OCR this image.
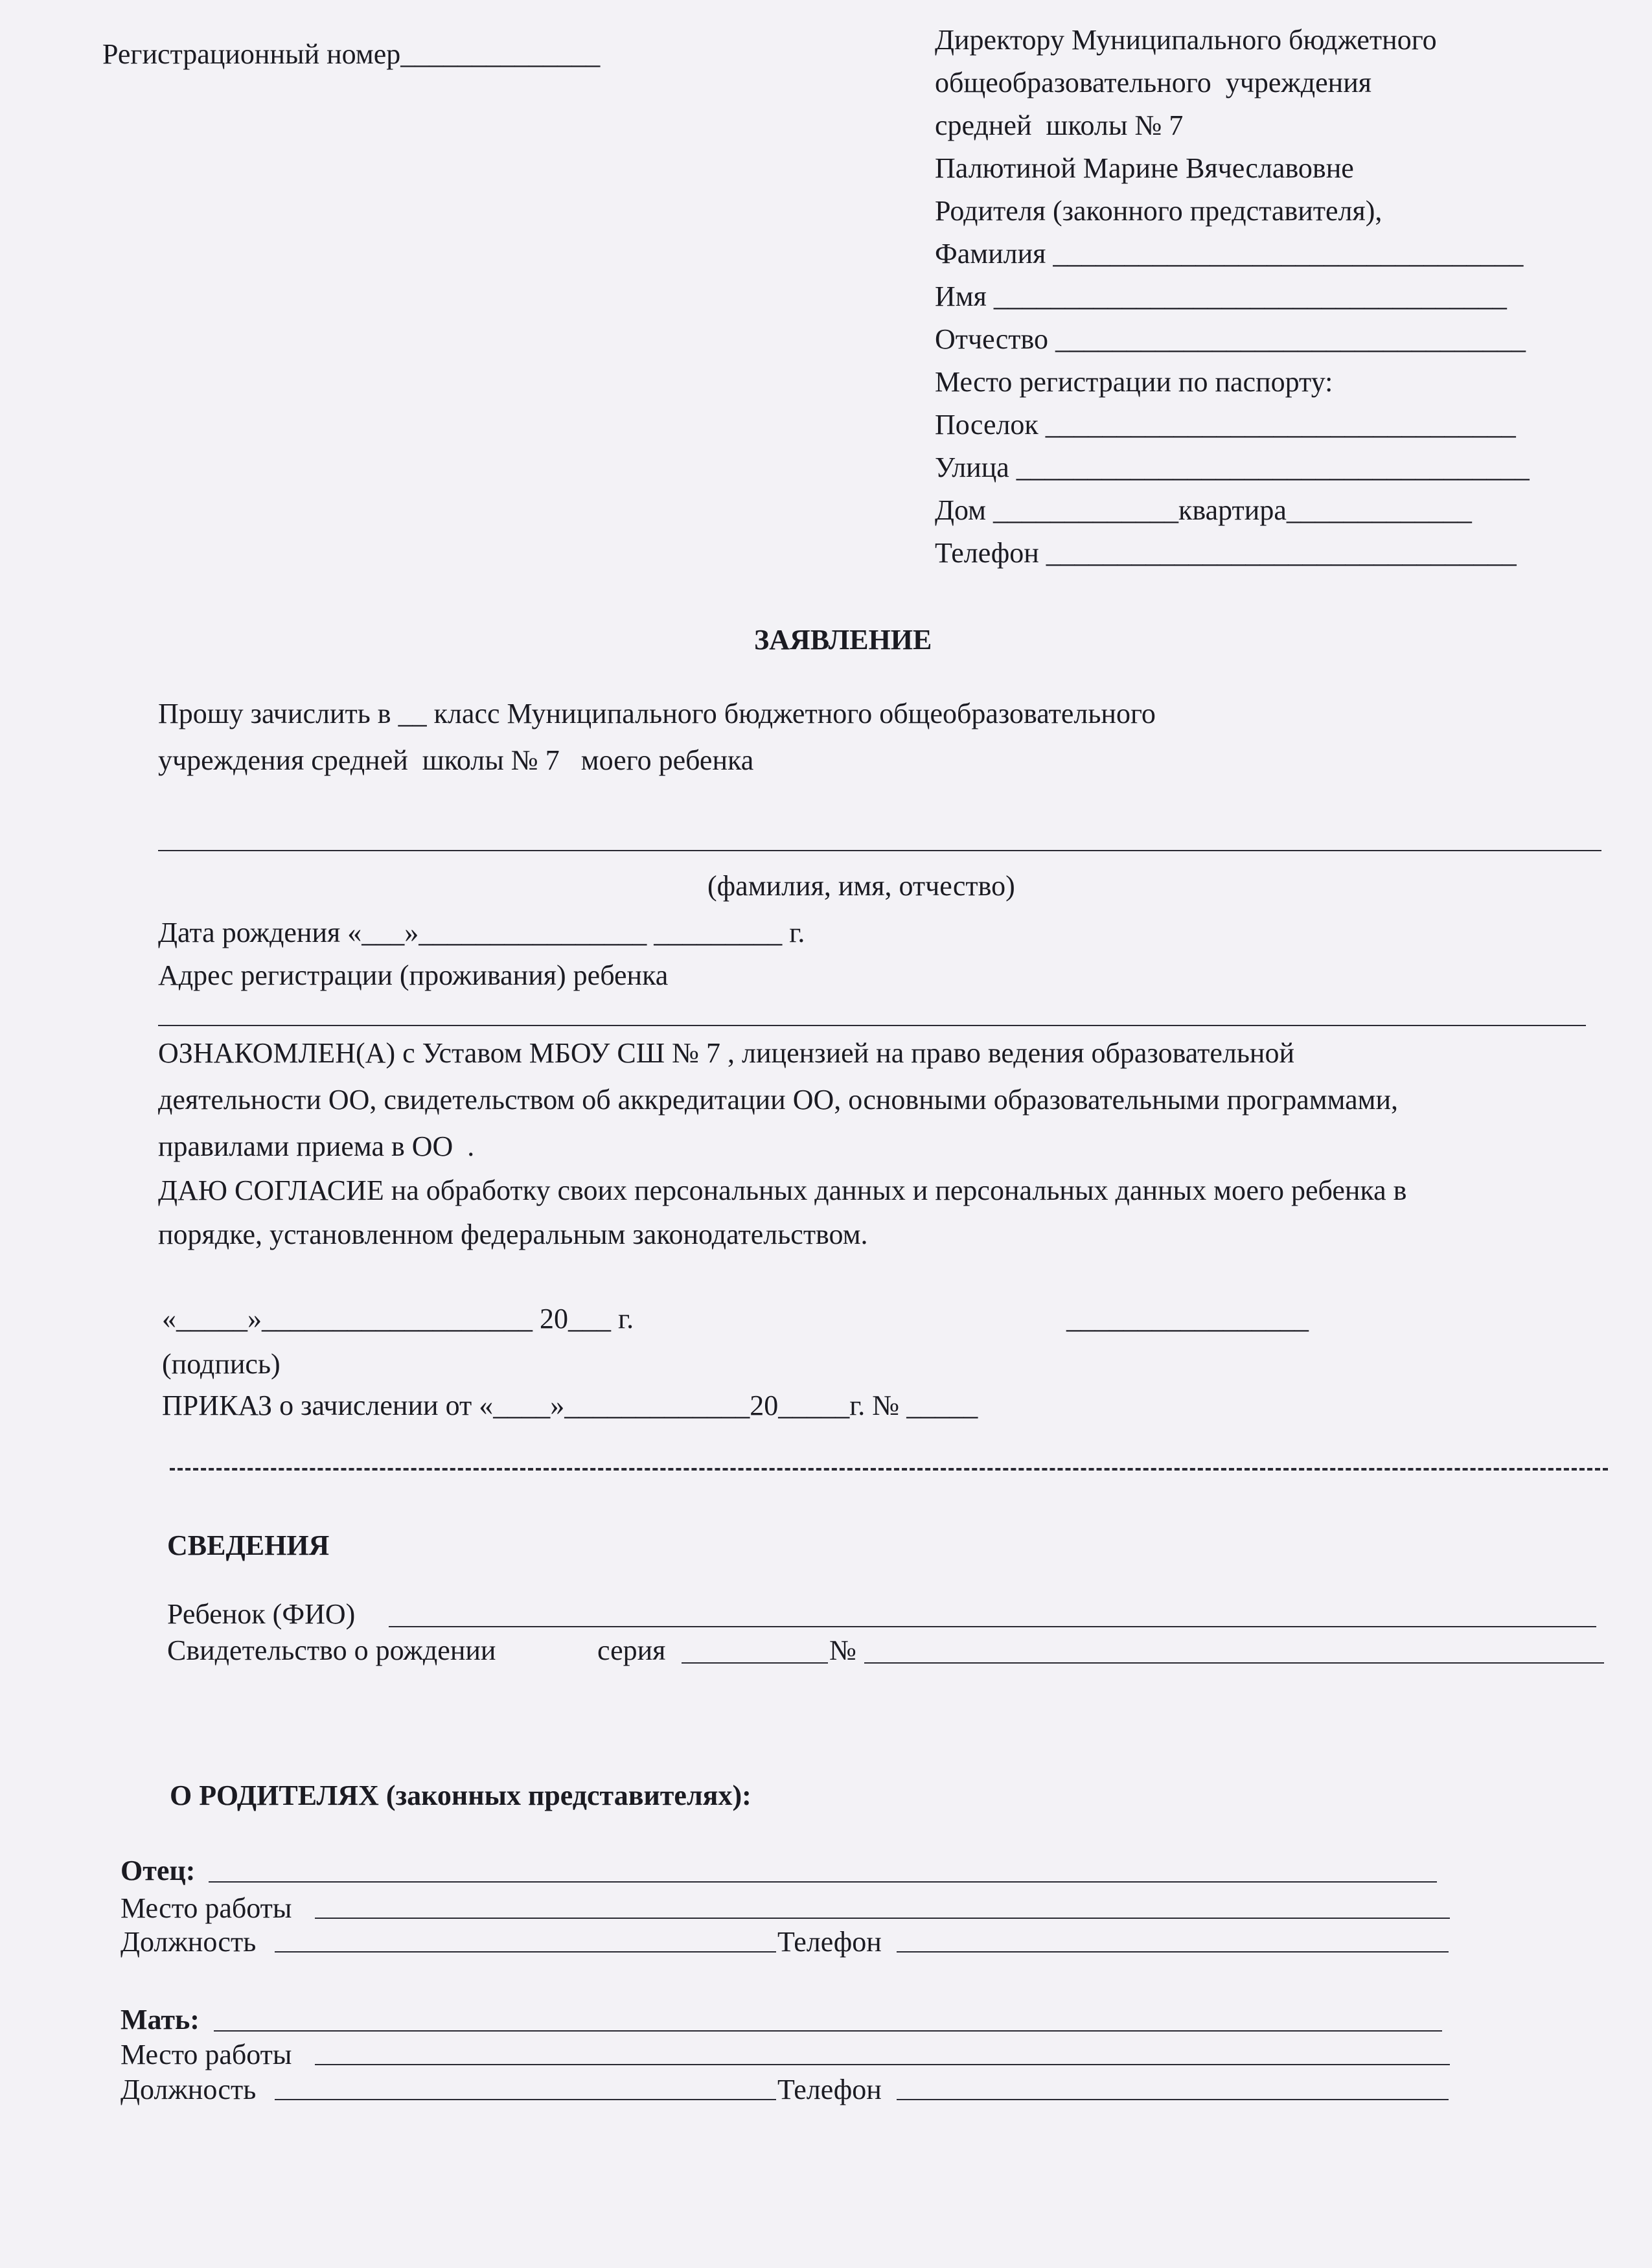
Регистрационный номер______________	Директору Муниципального бюджетного
общеобразовательного  учреждения
средней  школы № 7
Палютиной Марине Вячеславовне
Родителя (законного представителя),
Фамилия _________________________________
Имя ____________________________________
Отчество _________________________________
Место регистрации по паспорту:
Поселок _________________________________
Улица ____________________________________
Дом _____________квартира_____________
Телефон _________________________________
ЗАЯВЛЕНИЕ
Прошу зачислить в __ класс Муниципального бюджетного общеобразовательного
учреждения средней  школы № 7   моего ребенка
(фамилия, имя, отчество)
Дата рождения «___»________________ _________ г.
Адрес регистрации (проживания) ребенка
ОЗНАКОМЛЕН(А) с Уставом МБОУ СШ № 7 , лицензией на право ведения образовательной
деятельности ОО, свидетельством об аккредитации ОО, основными образовательными программами,
правилами приема в ОО  .
ДАЮ СОГЛАСИЕ на обработку своих персональных данных и персональных данных моего ребенка в
порядке, установленном федеральным законодательством.
«_____»___________________ 20___ г.	_________________
(подпись)
ПРИКАЗ о зачислении от «____»_____________20_____г. № _____
СВЕДЕНИЯ
Ребенок (ФИО)
Свидетельство о рождении	серия	№
О РОДИТЕЛЯХ (законных представителях):
Отец:
Место работы
Должность	Телефон
Мать:
Место работы
Должность	Телефон
